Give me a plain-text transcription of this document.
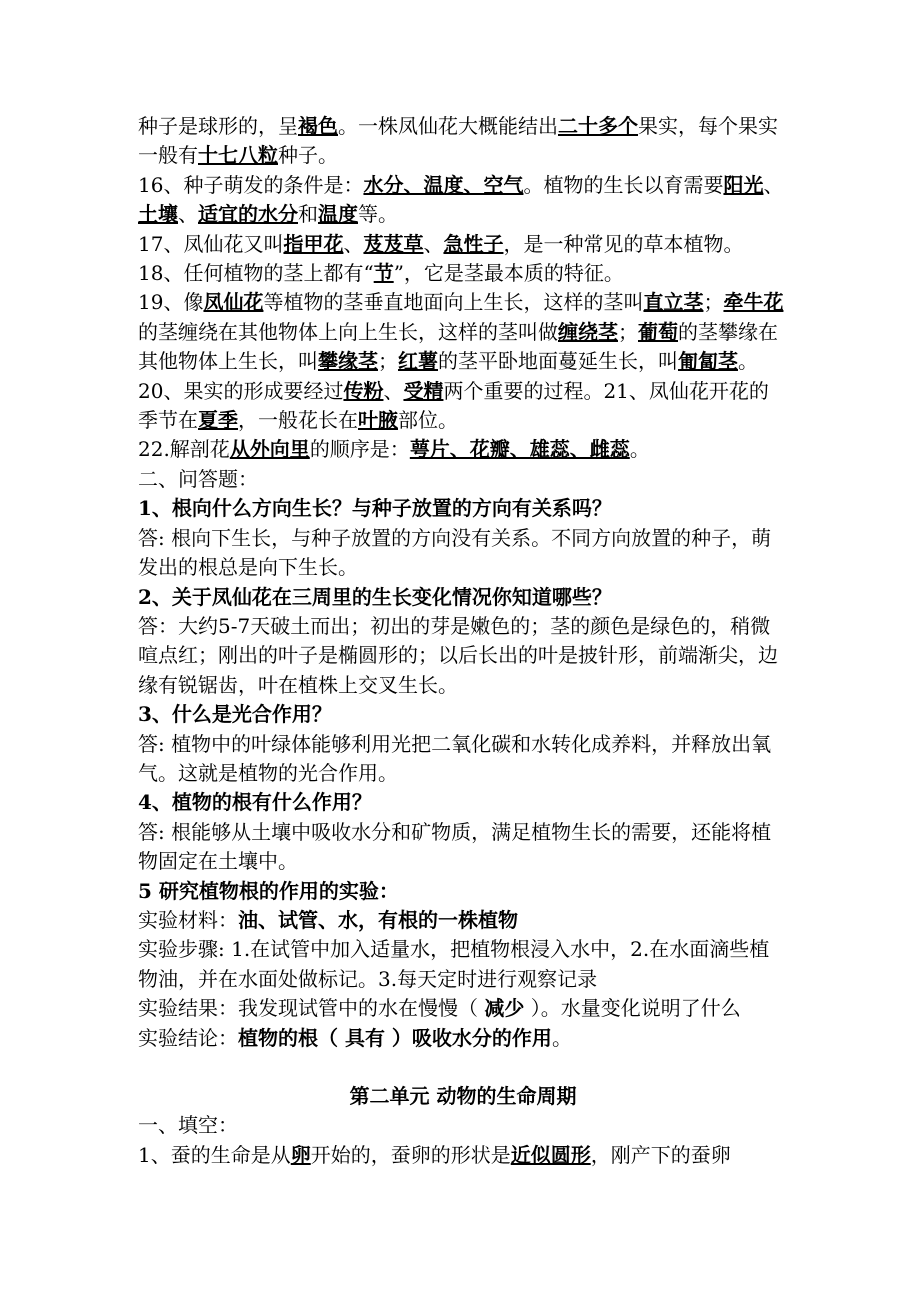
种子是球形的，呈褐色。一株凤仙花大概能结出二十多个果实，每个果实一般有十七八粒种子。
16、种子萌发的条件是：水分、温度、空气。植物的生长以育需要阳光、土壤、适宜的水分和温度等。
17、凤仙花又叫指甲花、芨芨草、急性子，是一种常见的草本植物。
18、任何植物的茎上都有“节”，它是茎最本质的特征。
19、像凤仙花等植物的茎垂直地面向上生长，这样的茎叫直立茎；牵牛花的茎缠绕在其他物体上向上生长，这样的茎叫做缠绕茎；葡萄的茎攀缘在其他物体上生长，叫攀缘茎；红薯的茎平卧地面蔓延生长，叫匍匐茎。
20、果实的形成要经过传粉、受精两个重要的过程。21、凤仙花开花的季节在夏季，一般花长在叶腋部位。
22.解剖花从外向里的顺序是：萼片、花瓣、雄蕊、雌蕊。
二、问答题：
1、根向什么方向生长？与种子放置的方向有关系吗？
答: 根向下生长，与种子放置的方向没有关系。不同方向放置的种子，萌发出的根总是向下生长。
2、关于凤仙花在三周里的生长变化情况你知道哪些？
答：大约5-7天破土而出；初出的芽是嫩色的；茎的颜色是绿色的，稍微喧点红；刚出的叶子是椭圆形的；以后长出的叶是披针形，前端渐尖，边缘有锐锯齿，叶在植株上交叉生长。
3、什么是光合作用？
答: 植物中的叶绿体能够利用光把二氧化碳和水转化成养料，并释放出氧气。这就是植物的光合作用。
4、植物的根有什么作用？
答: 根能够从土壤中吸收水分和矿物质，满足植物生长的需要，还能将植物固定在土壤中。
5 研究植物根的作用的实验：
实验材料：油、试管、水，有根的一株植物
实验步骤: 1.在试管中加入适量水，把植物根浸入水中，2.在水面滴些植物油，并在水面处做标记。3.每天定时进行观察记录
实验结果：我发现试管中的水在慢慢（ 减少 ）。水量变化说明了什么
实验结论：植物的根（ 具有 ）吸收水分的作用。
第二单元 动物的生命周期
一、填空：
1、蚕的生命是从卵开始的，蚕卵的形状是近似圆形，刚产下的蚕卵
